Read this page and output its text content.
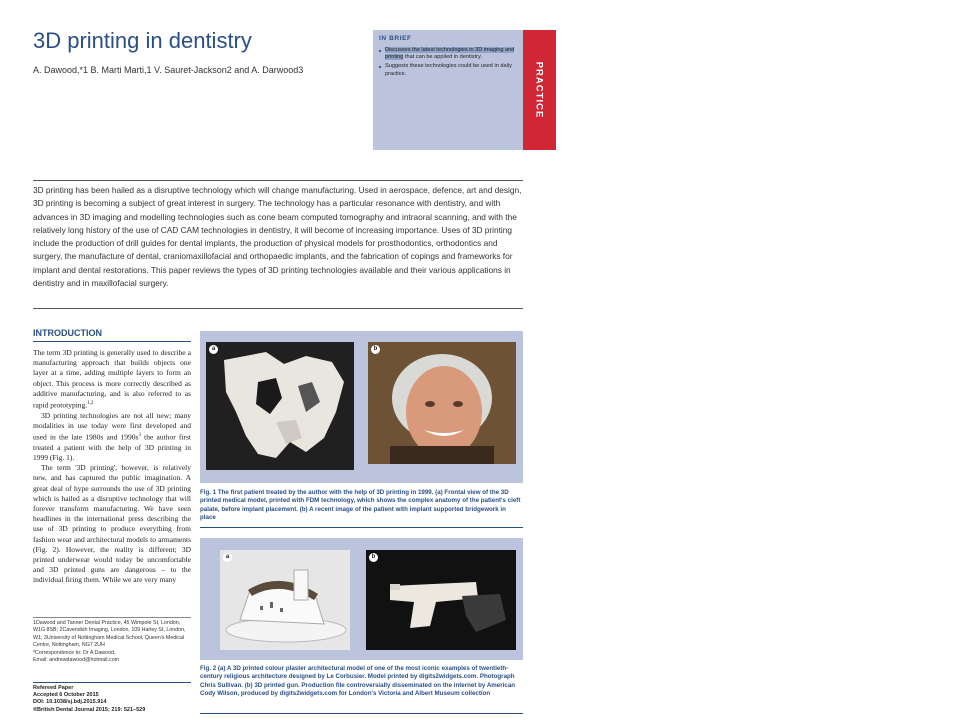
3D printing in dentistry
A. Dawood,*1 B. Marti Marti,1 V. Sauret-Jackson2 and A. Darwood3
IN BRIEF
■ Discusses the latest technologies in 3D imaging and printing that can be applied in dentistry.
■ Suggests these technologies could be used in daily practice.	PRACTICE
3D printing has been hailed as a disruptive technology which will change manufacturing. Used in aerospace, defence, art and design, 3D printing is becoming a subject of great interest in surgery. The technology has a particular resonance with dentistry, and with advances in 3D imaging and modelling technologies such as cone beam computed tomography and intraoral scanning, and with the relatively long history of the use of CAD CAM technologies in dentistry, it will become of increasing importance. Uses of 3D printing include the production of drill guides for dental implants, the production of physical models for prosthodontics, orthodontics and surgery, the manufacture of dental, craniomaxillofacial and orthopaedic implants, and the fabrication of copings and frameworks for implant and dental restorations. This paper reviews the types of 3D printing technologies available and their various applications in dentistry and in maxillofacial surgery.
INTRODUCTION

The term 3D printing is generally used to describe a manufacturing approach that builds objects one layer at a time, adding multiple layers to form an object. This process is more correctly described as additive manufacturing, and is also referred to as rapid prototyping.$^{1,2}$

3D printing technologies are not all new; many modalities in use today were first developed and used in the late 1980s and $1990s^3$ the author first treated a patient with the help of 3D printing in 1999 (Fig. 1).

The term '3D printing', however, is relatively new, and has captured the public imagination. A great deal of hype surrounds the use of 3D printing which is hailed as a disruptive technology that will forever transform manufacturing. We have seen headlines in the international press describing the use of 3D printing to produce everything from fashion wear and architectural models to armaments (Fig. 2). However, the reality is different; 3D printed underwear would today be uncomfortable and 3D printed guns are dangerous – to the individual firing them. While we are very many

1Dawood and Tanner Dental Practice, 45 Wimpole St, London, W1G 8SB; 2Cavendish Imaging, London, 109 Harley St, London, W1; 3University of Nottingham Medical School, Queen's Medical Centre, Nottingham, NG7 2UH
*Correspondence to: Dr A Dawood,
Email: andrewdawood@hotmail.com
Refereed Paper
Accepted 6 October 2015
DOI: 10.1038/sj.bdj.2015.914
®British Dental Journal 2015; 219: 521–529
a	b
Fig. 1 The first patient treated by the author with the help of 3D printing in 1999. (a) Frontal view of the 3D printed medical model, printed with FDM technology, which shows the complex anatomy of the patient's cleft palate, before implant placement. (b) A recent image of the patient with implant supported bridgework in place
a	b
Fig. 2 (a) A 3D printed colour plaster architectural model of one of the most iconic examples of twentieth-century religious architecture designed by Le Corbusier. Model printed by digits2widgets.com. Photograph Chris Sullivan. (b) 3D printed gun. Production file controversially disseminated on the internet by American Cody Wilson, produced by digits2widgets.com for London's Victoria and Albert Museum collection
